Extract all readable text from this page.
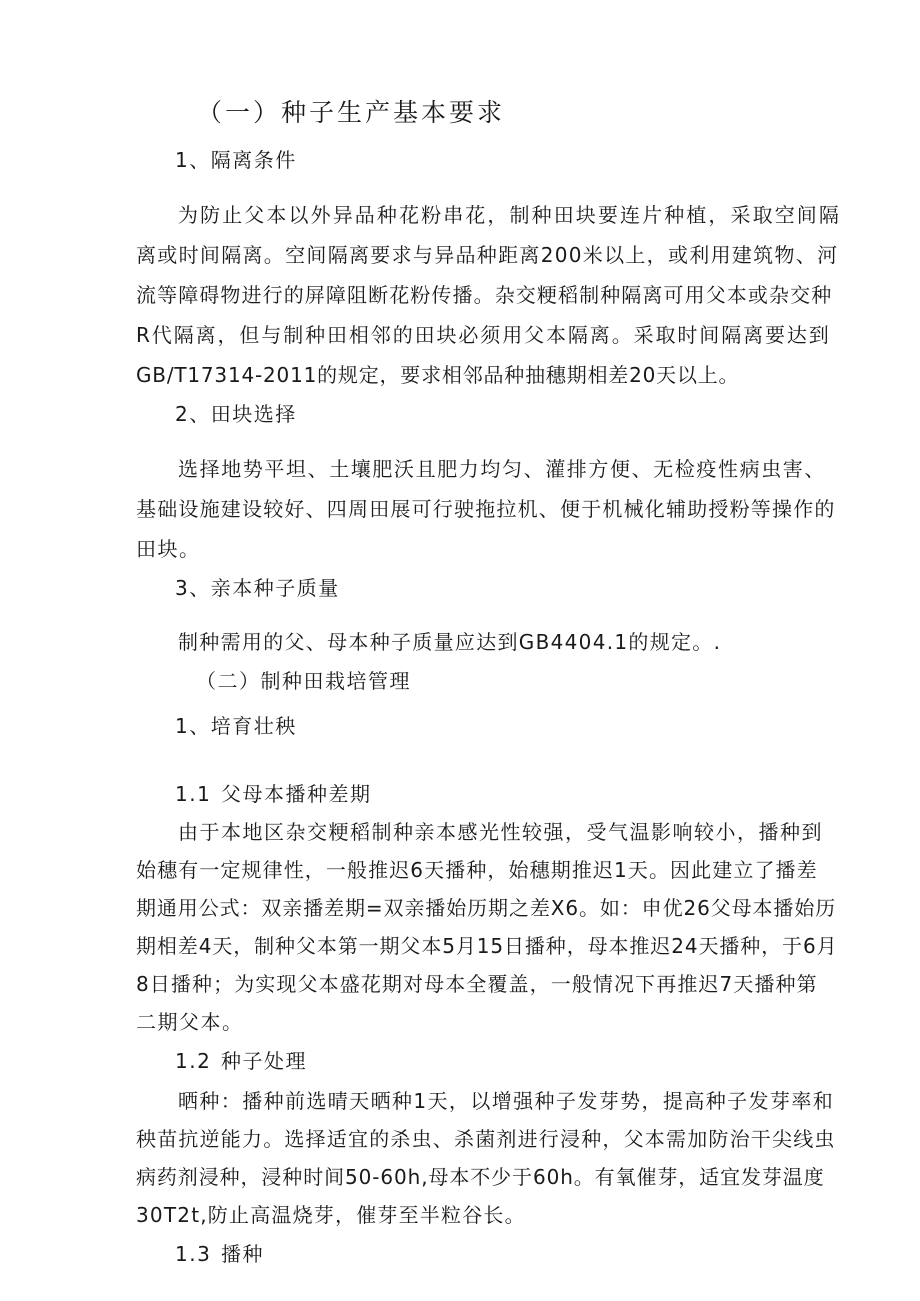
（一）种子生产基本要求
1、隔离条件
为防止父本以外异品种花粉串花，制种田块要连片种植，采取空间隔
离或时间隔离。空间隔离要求与异品种距离200米以上，或利用建筑物、河
流等障碍物进行的屏障阻断花粉传播。杂交粳稻制种隔离可用父本或杂交种
R代隔离，但与制种田相邻的田块必须用父本隔离。采取时间隔离要达到
GB/T17314-2011的规定，要求相邻品种抽穗期相差20天以上。
2、田块选择
选择地势平坦、土壤肥沃且肥力均匀、灌排方便、无检疫性病虫害、
基础设施建设较好、四周田展可行驶拖拉机、便于机械化辅助授粉等操作的
田块。
3、亲本种子质量
制种需用的父、母本种子质量应达到GB4404.1的规定。.
（二）制种田栽培管理
1、培育壮秧
1.1 父母本播种差期
由于本地区杂交粳稻制种亲本感光性较强，受气温影响较小，播种到
始穗有一定规律性，一般推迟6天播种，始穗期推迟1天。因此建立了播差
期通用公式：双亲播差期=双亲播始历期之差X6。如：申优26父母本播始历
期相差4天，制种父本第一期父本5月15日播种，母本推迟24天播种，于6月
8日播种；为实现父本盛花期对母本全覆盖，一般情况下再推迟7天播种第
二期父本。
1.2 种子处理
晒种：播种前选晴天晒种1天，以增强种子发芽势，提高种子发芽率和
秧苗抗逆能力。选择适宜的杀虫、杀菌剂进行浸种，父本需加防治干尖线虫
病药剂浸种，浸种时间50-60h,母本不少于60h。有氧催芽，适宜发芽温度
30T2t,防止高温烧芽，催芽至半粒谷长。
1.3 播种
